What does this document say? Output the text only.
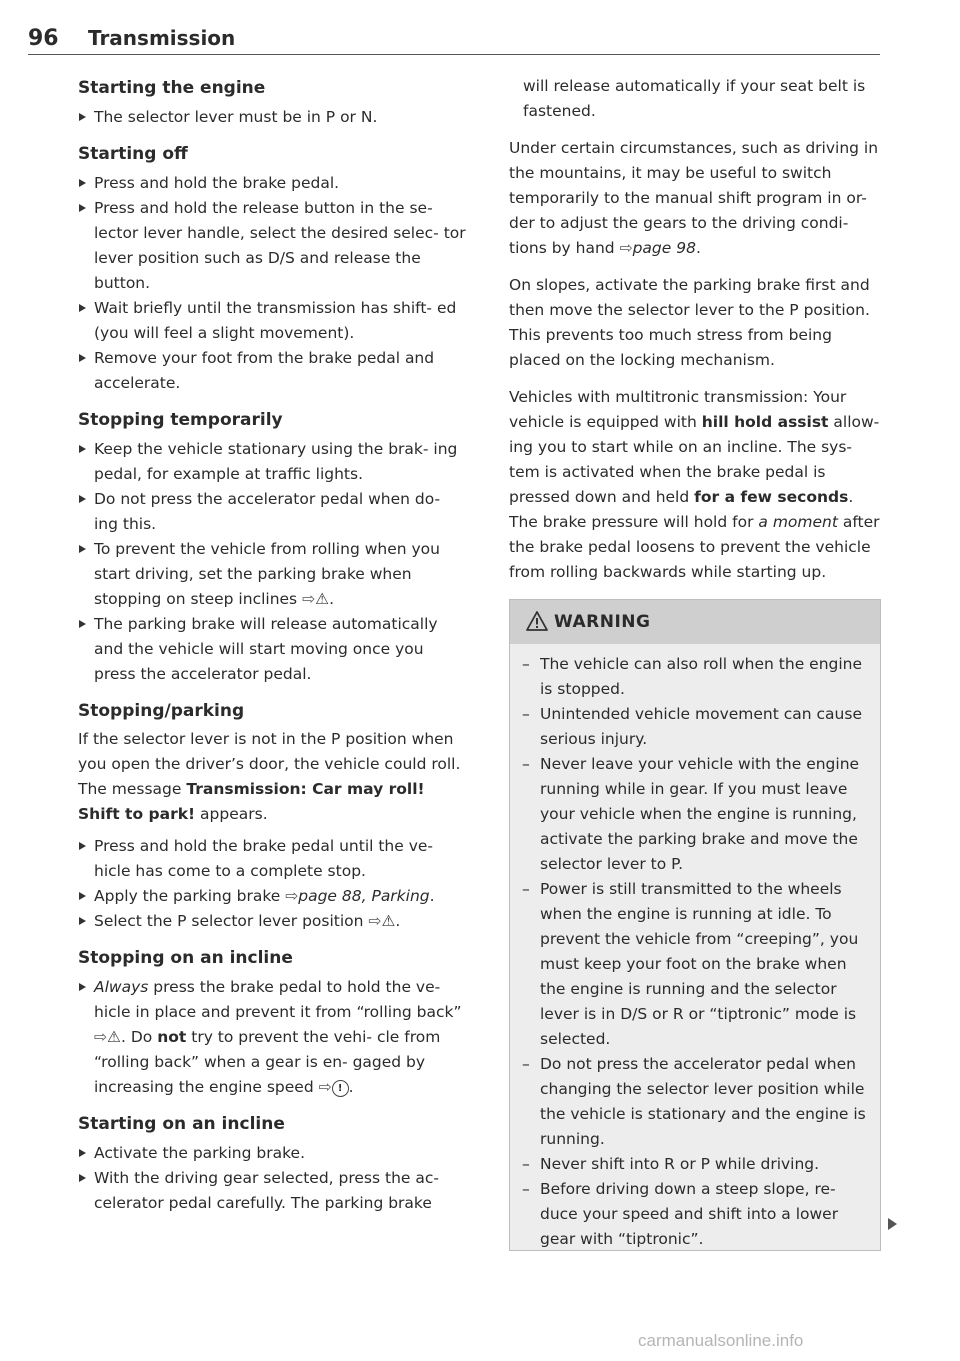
96 Transmission
Starting the engine
The selector lever must be in P or N.
Starting off
Press and hold the brake pedal.
Press and hold the release button in the se- lector lever handle, select the desired selec- tor lever position such as D/S and release the button.
Wait briefly until the transmission has shift- ed (you will feel a slight movement).
Remove your foot from the brake pedal and accelerate.
Stopping temporarily
Keep the vehicle stationary using the brak- ing pedal, for example at traffic lights.
Do not press the accelerator pedal when do- ing this.
To prevent the vehicle from rolling when you start driving, set the parking brake when stopping on steep inclines ⇨⚠.
The parking brake will release automatically and the vehicle will start moving once you press the accelerator pedal.
Stopping/parking

If the selector lever is not in the P position when you open the driver’s door, the vehicle could roll. The message Transmission: Car may roll! Shift to park! appears.

Press and hold the brake pedal until the ve- hicle has come to a complete stop.
Apply the parking brake ⇨page 88, Parking.
Select the P selector lever position ⇨⚠.
Stopping on an incline
Always press the brake pedal to hold the ve- hicle in place and prevent it from “rolling back” ⇨⚠. Do not try to prevent the vehi- cle from “rolling back” when a gear is en- gaged by increasing the engine speed ⇨ ! .
Starting on an incline
Activate the parking brake.
With the driving gear selected, press the ac- celerator pedal carefully. The parking brake

will release automatically if your seat belt is fastened.

Under certain circumstances, such as driving in the mountains, it may be useful to switch temporarily to the manual shift program in or- der to adjust the gears to the driving condi- tions by hand ⇨page 98.

On slopes, activate the parking brake first and then move the selector lever to the P position. This prevents too much stress from being placed on the locking mechanism.

Vehicles with multitronic transmission: Your vehicle is equipped with hill hold assist allow- ing you to start while on an incline. The sys- tem is activated when the brake pedal is pressed down and held for a few seconds. The brake pressure will hold for a moment after the brake pedal loosens to prevent the vehicle from rolling backwards while starting up.

WARNING
– The vehicle can also roll when the engine is stopped.
– Unintended vehicle movement can cause serious injury.
– Never leave your vehicle with the engine running while in gear. If you must leave your vehicle when the engine is running, activate the parking brake and move the selector lever to P.
– Power is still transmitted to the wheels when the engine is running at idle. To prevent the vehicle from “creeping”, you must keep your foot on the brake when the engine is running and the selector lever is in D/S or R or “tiptronic” mode is selected.
– Do not press the accelerator pedal when changing the selector lever position while the vehicle is stationary and the engine is running.
– Never shift into R or P while driving.
– Before driving down a steep slope, re- duce your speed and shift into a lower gear with “tiptronic”.
carmanualsonline.info
